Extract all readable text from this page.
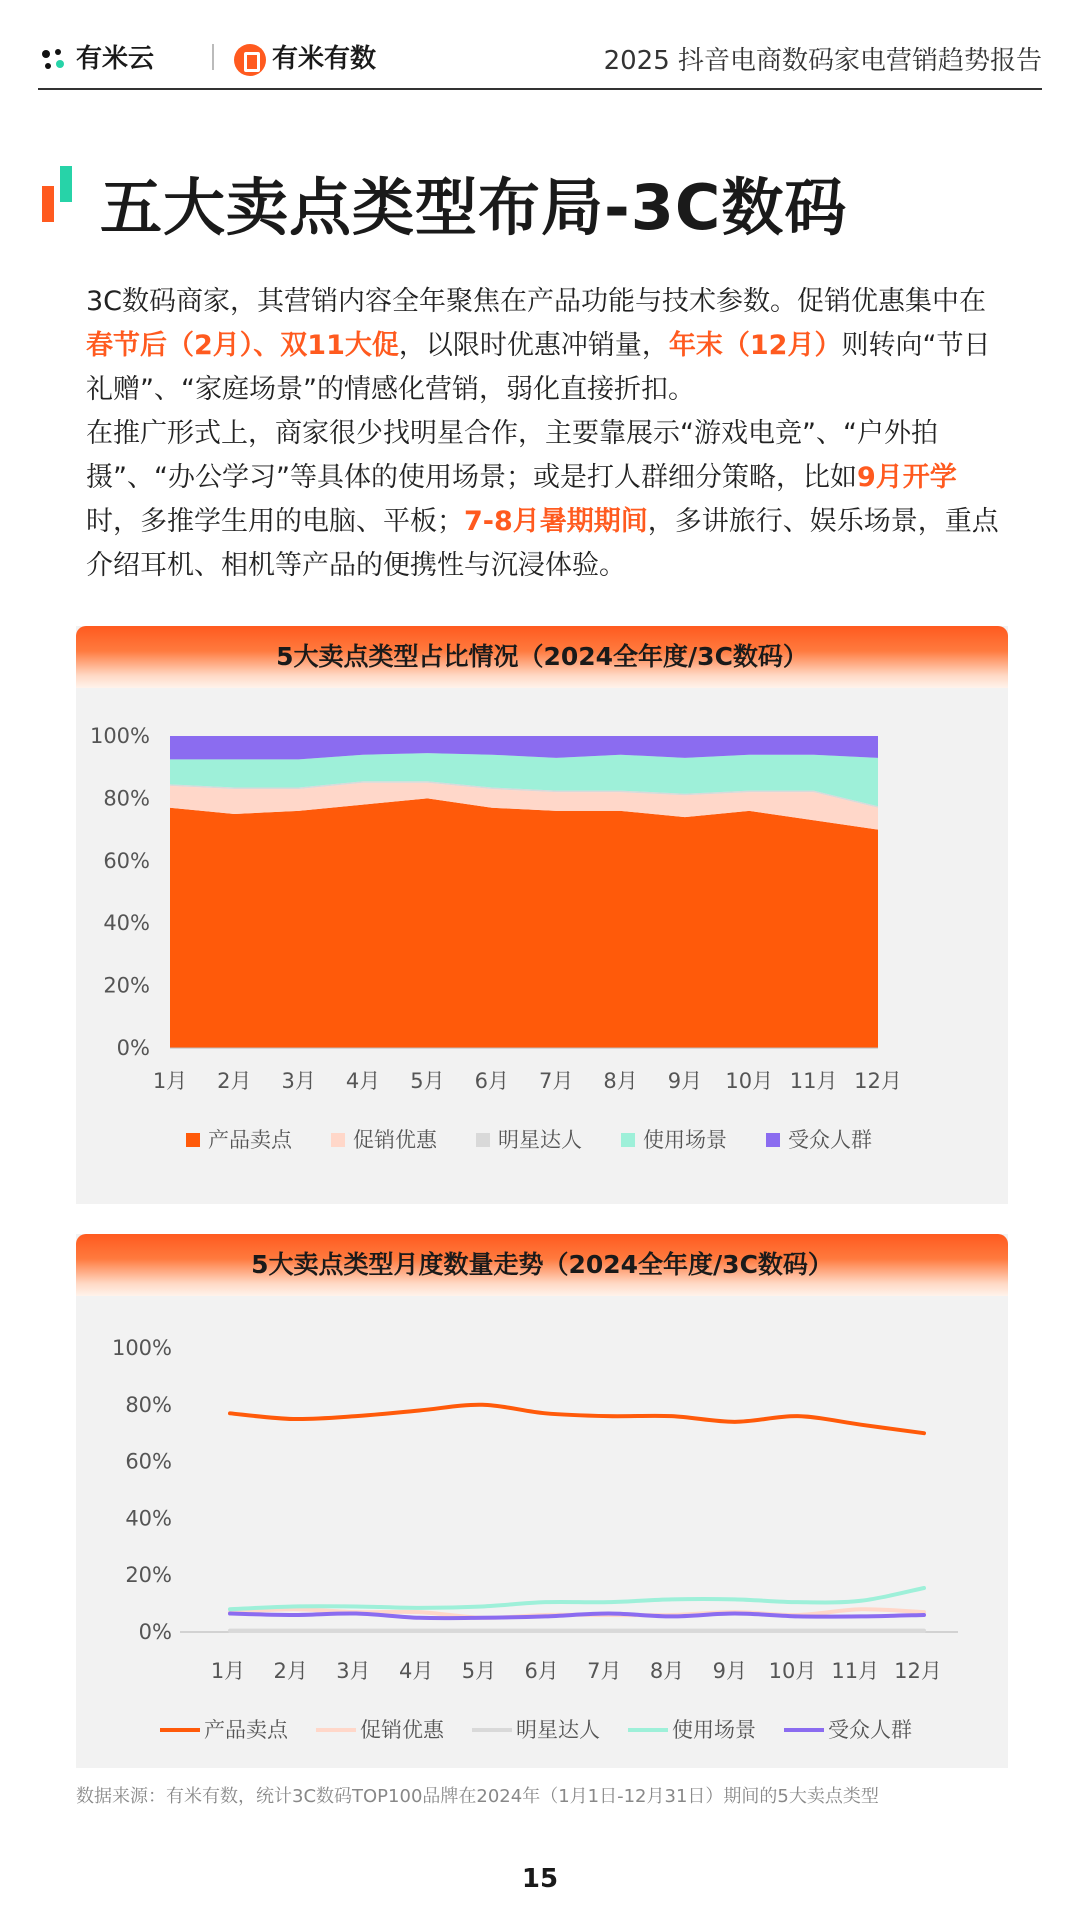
有米云	有米有数	2025 抖音电商数码家电营销趋势报告
五大卖点类型布局-3C数码

3C数码商家，其营销内容全年聚焦在产品功能与技术参数。促销优惠集中在春节后（2月）、双11大促，以限时优惠冲销量，年末（12月）则转向“节日礼赠”、“家庭场景”的情感化营销，弱化直接折扣。

在推广形式上，商家很少找明星合作，主要靠展示“游戏电竞”、“户外拍摄”、“办公学习”等具体的使用场景；或是打人群细分策略，比如9月开学时，多推学生用的电脑、平板；7-8月暑期期间，多讲旅行、娱乐场景，重点介绍耳机、相机等产品的便携性与沉浸体验。

5大卖点类型占比情况（2024全年度/3C数码）
0%
20%
40%
60%
80%
100%
1月 2月 3月 4月 5月 6月 7月 8月 9月 10月 11月 12月
产品卖点	促销优惠	明星达人	使用场景	受众人群
5大卖点类型月度数量走势（2024全年度/3C数码）
0%
20%
40%
60%
80%
100%
1月 2月 3月 4月 5月 6月 7月 8月 9月 10月 11月 12月
产品卖点	促销优惠	明星达人	使用场景	受众人群
数据来源：有米有数，统计3C数码TOP100品牌在2024年（1月1日-12月31日）期间的5大卖点类型
15
